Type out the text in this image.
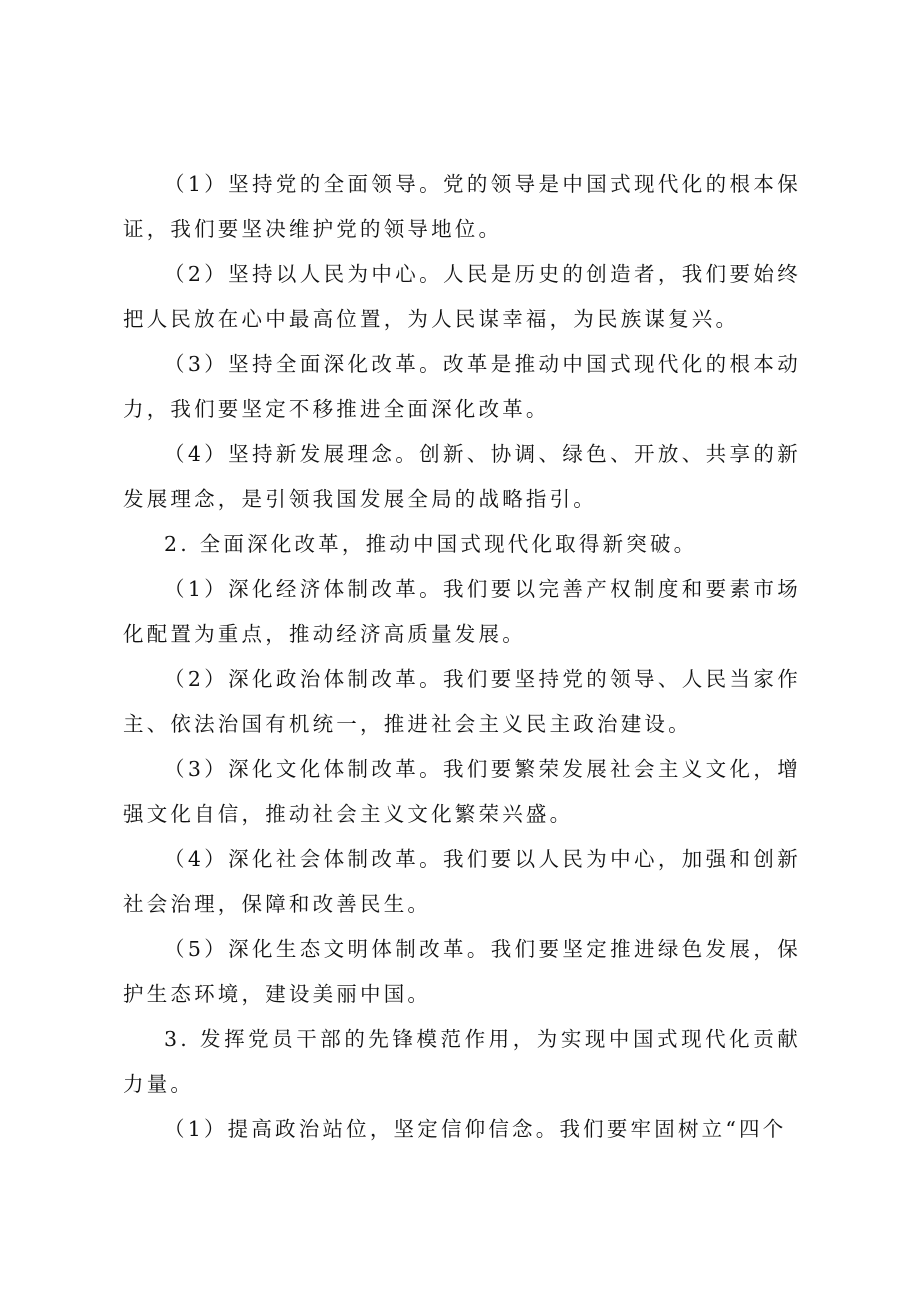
（1）坚持党的全面领导。党的领导是中国式现代化的根本保证，我们要坚决维护党的领导地位。

（2）坚持以人民为中心。人民是历史的创造者，我们要始终把人民放在心中最高位置，为人民谋幸福，为民族谋复兴。

（3）坚持全面深化改革。改革是推动中国式现代化的根本动力，我们要坚定不移推进全面深化改革。

（4）坚持新发展理念。创新、协调、绿色、开放、共享的新发展理念，是引领我国发展全局的战略指引。

2. 全面深化改革，推动中国式现代化取得新突破。

（1）深化经济体制改革。我们要以完善产权制度和要素市场化配置为重点，推动经济高质量发展。

（2）深化政治体制改革。我们要坚持党的领导、人民当家作主、依法治国有机统一，推进社会主义民主政治建设。

（3）深化文化体制改革。我们要繁荣发展社会主义文化，增强文化自信，推动社会主义文化繁荣兴盛。

（4）深化社会体制改革。我们要以人民为中心，加强和创新社会治理，保障和改善民生。

（5）深化生态文明体制改革。我们要坚定推进绿色发展，保护生态环境，建设美丽中国。

3. 发挥党员干部的先锋模范作用，为实现中国式现代化贡献力量。

（1）提高政治站位，坚定信仰信念。我们要牢固树立“四个
